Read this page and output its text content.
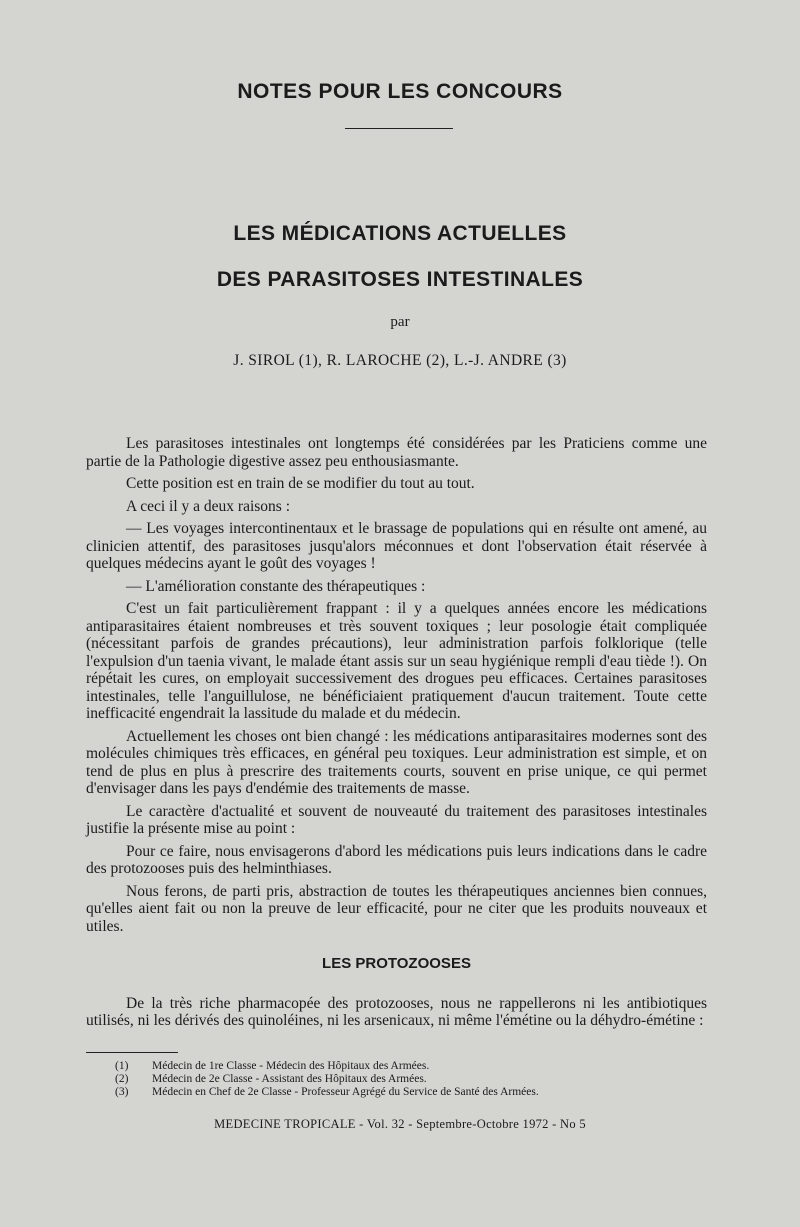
NOTES POUR LES CONCOURS
LES MÉDICATIONS ACTUELLES
DES PARASITOSES INTESTINALES
par
J. SIROL (1), R. LAROCHE (2), L.-J. ANDRE (3)

Les parasitoses intestinales ont longtemps été considérées par les Praticiens comme une partie de la Pathologie digestive assez peu enthousiasmante.

Cette position est en train de se modifier du tout au tout.

A ceci il y a deux raisons :

— Les voyages intercontinentaux et le brassage de populations qui en résulte ont amené, au clinicien attentif, des parasitoses jusqu'alors méconnues et dont l'observation était réservée à quelques médecins ayant le goût des voyages !

— L'amélioration constante des thérapeutiques :

C'est un fait particulièrement frappant : il y a quelques années encore les médications antiparasitaires étaient nombreuses et très souvent toxiques ; leur posologie était compliquée (nécessitant parfois de grandes précautions), leur administration parfois folklorique (telle l'expulsion d'un taenia vivant, le malade étant assis sur un seau hygiénique rempli d'eau tiède !). On répétait les cures, on employait successivement des drogues peu efficaces. Certaines parasitoses intestinales, telle l'anguillulose, ne bénéficiaient pratiquement d'aucun traitement. Toute cette inefficacité engendrait la lassitude du malade et du médecin.

Actuellement les choses ont bien changé : les médications antiparasitaires modernes sont des molécules chimiques très efficaces, en général peu toxiques. Leur administration est simple, et on tend de plus en plus à prescrire des traitements courts, souvent en prise unique, ce qui permet d'envisager dans les pays d'endémie des traitements de masse.

Le caractère d'actualité et souvent de nouveauté du traitement des parasitoses intestinales justifie la présente mise au point :

Pour ce faire, nous envisagerons d'abord les médications puis leurs indications dans le cadre des protozooses puis des helminthiases.

Nous ferons, de parti pris, abstraction de toutes les thérapeutiques anciennes bien connues, qu'elles aient fait ou non la preuve de leur efficacité, pour ne citer que les produits nouveaux et utiles.

LES PROTOZOOSES

De la très riche pharmacopée des protozooses, nous ne rappellerons ni les antibiotiques utilisés, ni les dérivés des quinoléines, ni les arsenicaux, ni même l'émétine ou la déhydro-émétine :

(1)	Médecin de 1re Classe - Médecin des Hôpitaux des Armées.
(2)	Médecin de 2e Classe - Assistant des Hôpitaux des Armées.
(3)	Médecin en Chef de 2e Classe - Professeur Agrégé du Service de Santé des Armées.
MEDECINE TROPICALE - Vol. 32 - Septembre-Octobre 1972 - No 5
